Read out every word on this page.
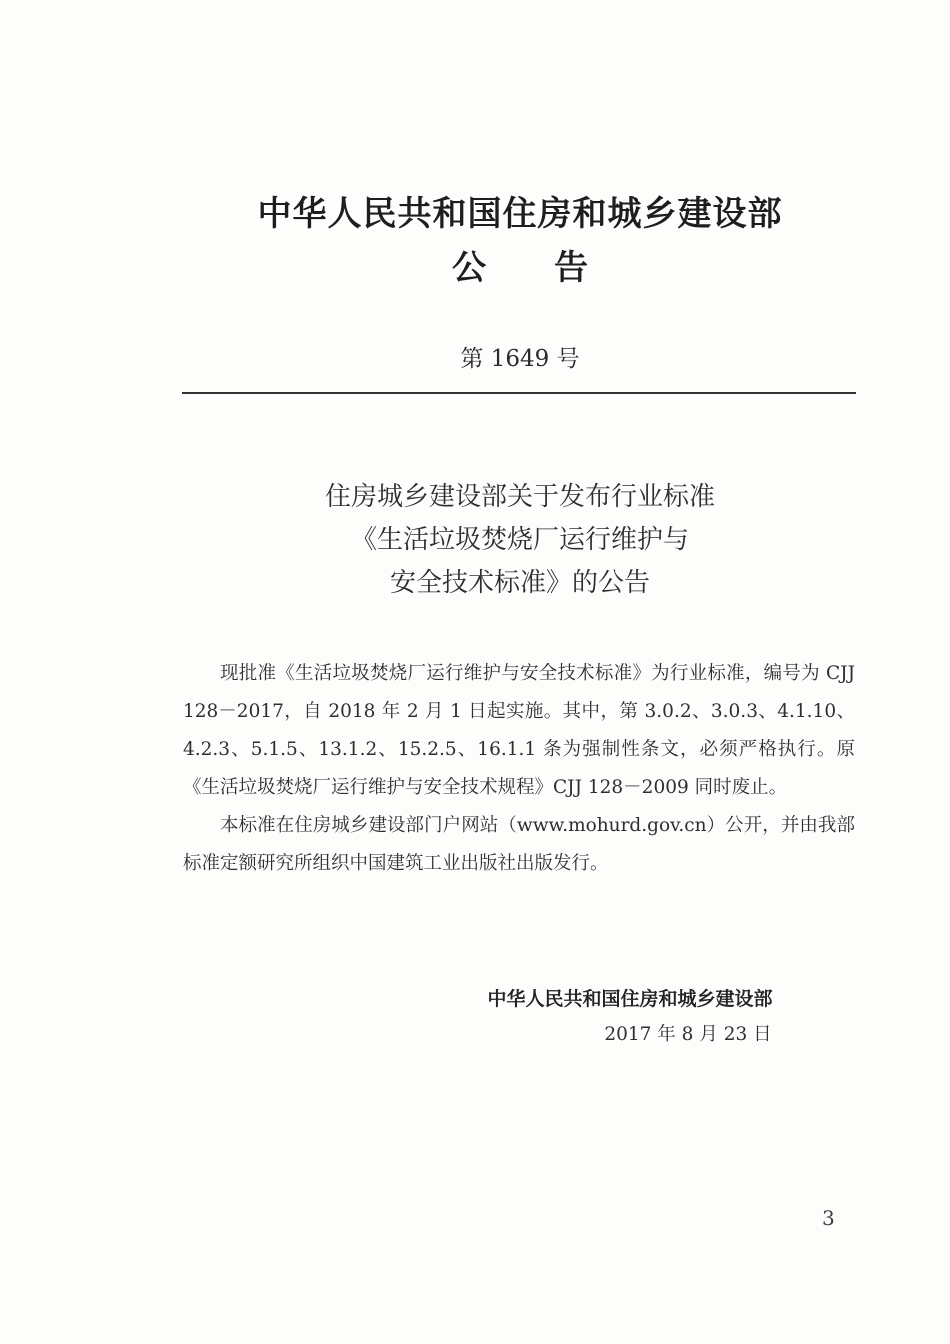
中华人民共和国住房和城乡建设部
公　　告
第 1649 号
住房城乡建设部关于发布行业标准
《生活垃圾焚烧厂运行维护与
安全技术标准》的公告

现批准《生活垃圾焚烧厂运行维护与安全技术标准》为行业标准，编号为 CJJ 128－2017，自 2018 年 2 月 1 日起实施。其中，第 3.0.2、3.0.3、4.1.10、4.2.3、5.1.5、13.1.2、15.2.5、16.1.1 条为强制性条文，必须严格执行。原《生活垃圾焚烧厂运行维护与安全技术规程》CJJ 128－2009 同时废止。

本标准在住房城乡建设部门户网站（www.mohurd.gov.cn）公开，并由我部标准定额研究所组织中国建筑工业出版社出版发行。

中华人民共和国住房和城乡建设部
2017 年 8 月 23 日
3
